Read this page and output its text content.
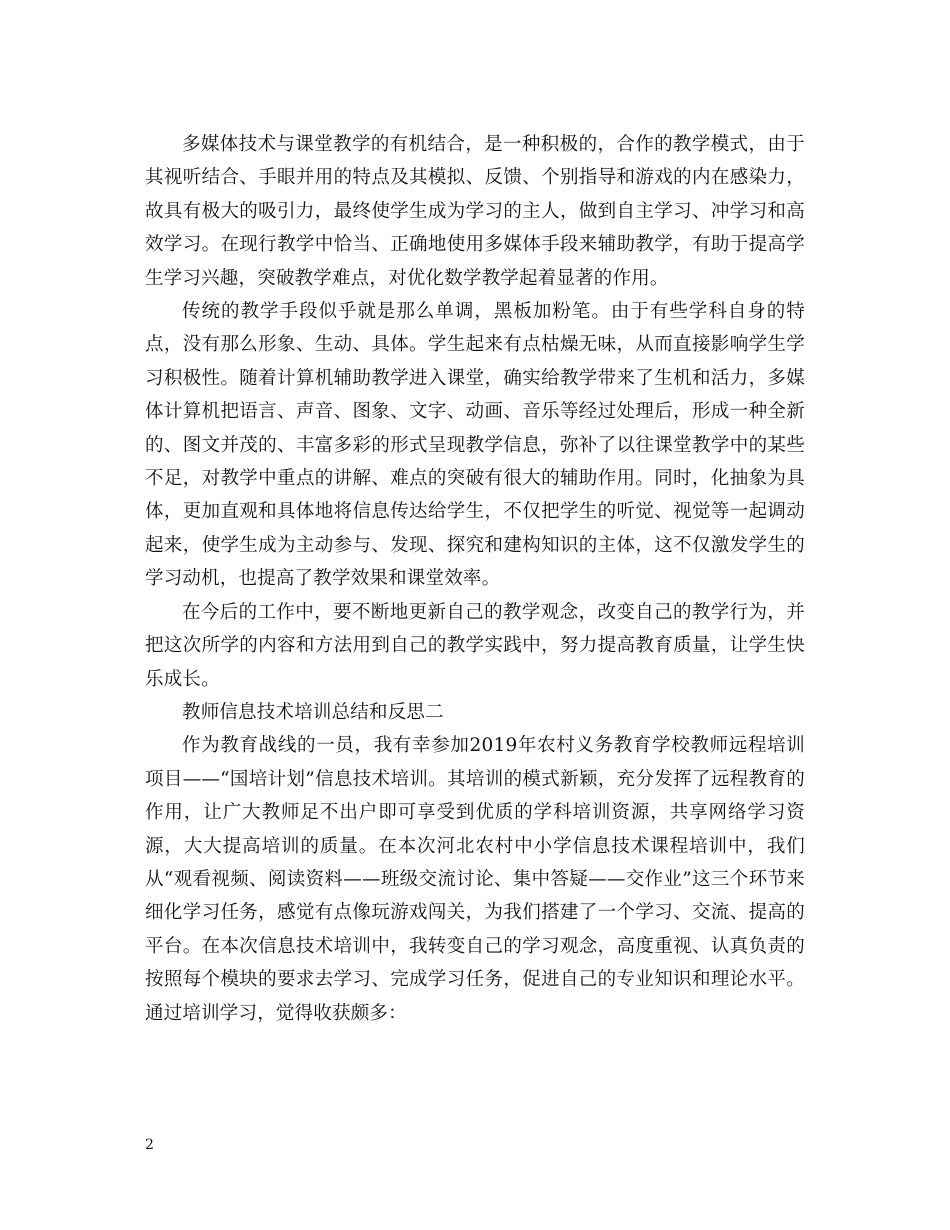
多媒体技术与课堂教学的有机结合，是一种积极的，合作的教学模式，由于其视听结合、手眼并用的特点及其模拟、反馈、个别指导和游戏的内在感染力，故具有极大的吸引力，最终使学生成为学习的主人，做到自主学习、冲学习和高效学习。在现行教学中恰当、正确地使用多媒体手段来辅助教学，有助于提高学生学习兴趣，突破教学难点，对优化数学教学起着显著的作用。

传统的教学手段似乎就是那么单调，黑板加粉笔。由于有些学科自身的特点，没有那么形象、生动、具体。学生起来有点枯燥无味，从而直接影响学生学习积极性。随着计算机辅助教学进入课堂，确实给教学带来了生机和活力，多媒体计算机把语言、声音、图象、文字、动画、音乐等经过处理后，形成一种全新的、图文并茂的、丰富多彩的形式呈现教学信息，弥补了以往课堂教学中的某些不足，对教学中重点的讲解、难点的突破有很大的辅助作用。同时，化抽象为具体，更加直观和具体地将信息传达给学生，不仅把学生的听觉、视觉等一起调动起来，使学生成为主动参与、发现、探究和建构知识的主体，这不仅激发学生的学习动机，也提高了教学效果和课堂效率。

在今后的工作中，要不断地更新自己的教学观念，改变自己的教学行为，并把这次所学的内容和方法用到自己的教学实践中，努力提高教育质量，让学生快乐成长。

教师信息技术培训总结和反思二

作为教育战线的一员，我有幸参加2019年农村义务教育学校教师远程培训项目——“国培计划”信息技术培训。其培训的模式新颖，充分发挥了远程教育的作用，让广大教师足不出户即可享受到优质的学科培训资源，共享网络学习资源，大大提高培训的质量。在本次河北农村中小学信息技术课程培训中，我们从“观看视频、阅读资料——班级交流讨论、集中答疑——交作业”这三个环节来细化学习任务，感觉有点像玩游戏闯关，为我们搭建了一个学习、交流、提高的平台。在本次信息技术培训中，我转变自己的学习观念，高度重视、认真负责的按照每个模块的要求去学习、完成学习任务，促进自己的专业知识和理论水平。通过培训学习，觉得收获颇多：

2
